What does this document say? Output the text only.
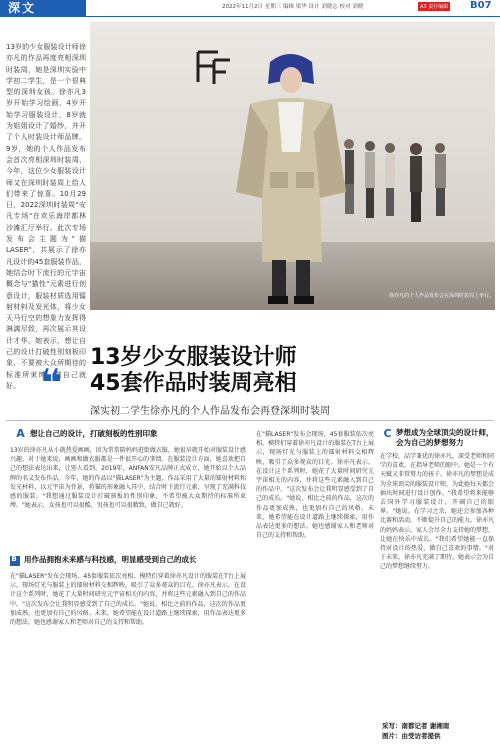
深文	2022年11月2日 星期三 编辑 梁华 设计 刘晓志 校对 刘晓	A3 责任编辑 B07
13岁的少女服装设计师徐亦凡的作品再度亮相深圳时装周，她是深圳实验中学初二学生，是一个很典型的深圳女孩。徐亦凡3岁开始学习绘画，4岁开始学习服装设计，8岁就为姐姐设计了婚纱，并开了个人时装设计师品牌。9岁，她的个人作品发布会首次亮相深圳时装周，今年，这位少女服装设计师又在深圳时装周上给人们带来了惊喜。10月29日，2022深圳时装周"安凡专场"在欢乐海岸都林沙滩汇厅举行。此次专场发布会主题为"猫LASER"，共展示了徐亦凡设计的45套服装作品，她结合时下流行的元宇宙概念与"猫性"元素进行创意设计，服装材质选用镭射材料及发光体，将少女天马行空的想象力发挥得淋漓尽致，再次展示其设计才华。她表示，想让自己的设计打破性别刻板印象，不要被大众所期待的标准所束缚，做自己就好。
徐亦凡的个人作品发布会在深圳时装周上举行。
❝
13岁少女服装设计师
45套作品时装周亮相
深实初二学生徐亦凡的个人作品发布会再登深圳时装周
A 想让自己的设计，打破刻板的性别印象
13岁的徐亦凡从小就热爱画画，因为常常陪妈妈逛街做衣服，她很早就开始对服装设计感兴趣。对于她来说，画画和做衣服都是一件很开心的事情。在服装设计方面，她喜欢把自己的想法表达出来，让别人看到。2019年，ANFAN安凡品牌正式成立，她开始以个人品牌的名义发布作品。今年，她的作品以"猫LASER"为主题，作品采用了大量的镭射材料和发光材料，以元宇宙为背景，将猫的形象融入其中，结合时下流行元素，呈现了充满科技感的服装。"我想通过服装设计打破刻板的性别印象，不希望被大众期待的标准所束缚。"她表示，女孩也可以很酷，男孩也可以很精致，做自己就好。
B 用作品拥抱未来感与科技感，明显感受到自己的成长
在"猫LASER"发布会现场，45套服装依次亮相，模特们穿着徐亦凡设计的服装在T台上展示，现场灯光与服装上的镭射材料交相辉映，吸引了众多观众的目光。徐亦凡表示，在设计这个系列时，她花了大量时间研究元宇宙相关的内容，并将这些元素融入到自己的作品中。"这次发布会让我明显感受到了自己的成长。"她说，相比之前的作品，这次的作品更加成熟，也更加有自己的风格。未来，她希望能在设计道路上继续探索，用作品表达更多的想法。她也感谢家人和老师对自己的支持和帮助。
在"猫LASER"发布会现场，45套服装依次亮相，模特们穿着徐亦凡设计的服装在T台上展示，现场灯光与服装上的镭射材料交相辉映，吸引了众多观众的目光。徐亦凡表示，在设计这个系列时，她花了大量时间研究元宇宙相关的内容，并将这些元素融入到自己的作品中。"这次发布会让我明显感受到了自己的成长。"她说，相比之前的作品，这次的作品更加成熟，也更加有自己的风格。未来，她希望能在设计道路上继续探索，用作品表达更多的想法。她也感谢家人和老师对自己的支持和帮助。
C 梦想成为全球顶尖的设计师，会为自己的梦想努力
在学校，品学兼优的徐亦凡，深受老师和同学的喜欢。在指导老师的眼中，她是一个有天赋又非常努力的孩子。徐亦凡的梦想是成为全球顶尖的服装设计师，为此她每天都会抽出时间进行设计创作。"我希望将来能够去国外学习服装设计，开阔自己的眼界。"她说。在学习之余，她还会参加各种比赛和活动，不断提升自己的能力。徐亦凡的妈妈表示，家人会尽全力支持她的梦想，让她在快乐中成长。"我们希望她能一直保持对设计的热爱，做自己喜欢的事情。"对于未来，徐亦凡充满了期待，她表示会为自己的梦想继续努力。
采写：南都记者 谢湘南
图片：由受访者提供
